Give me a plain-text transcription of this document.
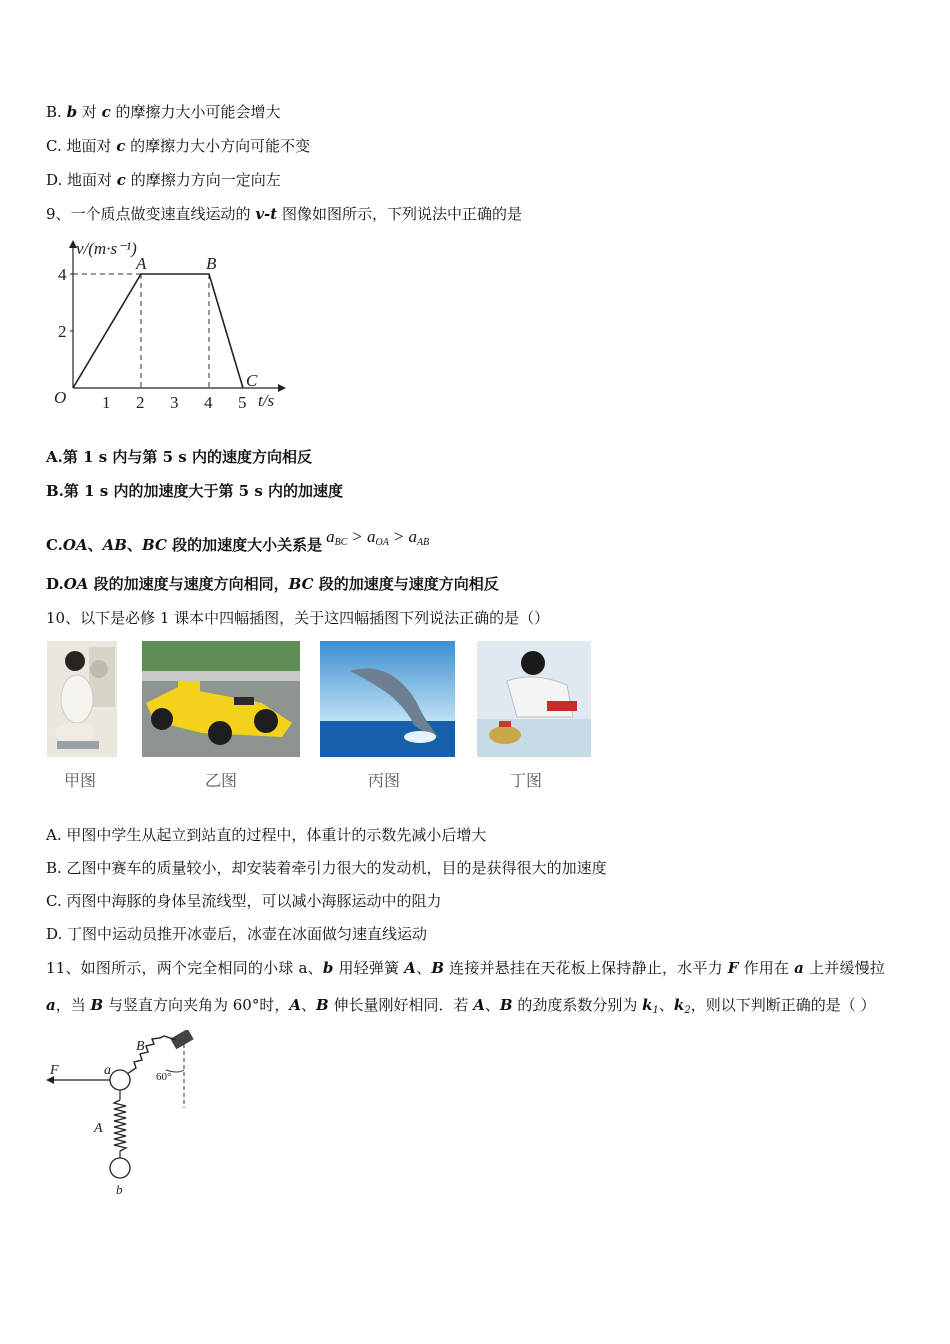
B. b 对 c 的摩擦力大小可能会增大
C. 地面对 c 的摩擦力大小方向可能不变
D. 地面对 c 的摩擦力方向一定向左
9、一个质点做变速直线运动的 v-t 图像如图所示，下列说法中正确的是
v/(m·s⁻¹)
t/s
O 1 2 3 4 5
2
4
A	B
C
A.第 1 s 内与第 5 s 内的速度方向相反
B.第 1 s 内的加速度大于第 5 s 内的加速度
C.OA、AB、BC 段的加速度大小关系是 $a_{BC} > a_{OA} > a_{AB}$
D.OA 段的加速度与速度方向相同，BC 段的加速度与速度方向相反
10、以下是必修 1 课本中四幅插图，关于这四幅插图下列说法正确的是（）
甲图	乙图	丙图	丁图
A. 甲图中学生从起立到站直的过程中，体重计的示数先减小后增大
B. 乙图中赛车的质量较小，却安装着牵引力很大的发动机，目的是获得很大的加速度
C. 丙图中海豚的身体呈流线型，可以减小海豚运动中的阻力
D. 丁图中运动员推开冰壶后，冰壶在冰面做匀速直线运动
11、如图所示，两个完全相同的小球 a、b 用轻弹簧 A、B 连接并悬挂在天花板上保持静止，水平力 F 作用在 a 上并缓慢拉
a，当 B 与竖直方向夹角为 60°时，A、B 伸长量刚好相同．若 A、B 的劲度系数分别为 $k_1$、$k_2$，则以下判断正确的是（ ）
60°
B
a
F
A
b
